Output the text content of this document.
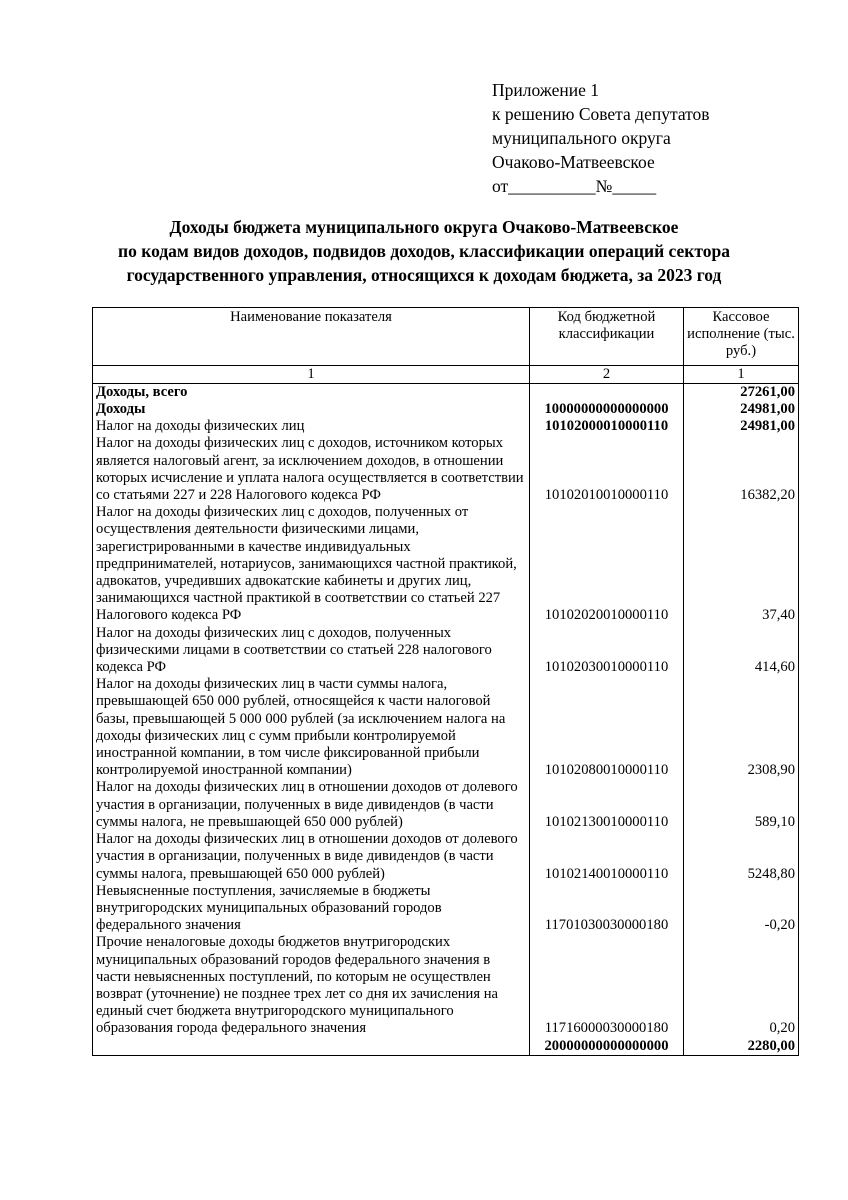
Приложение 1
к решению Совета депутатов
муниципального округа
Очаково-Матвеевское
от__________№_____
Доходы бюджета муниципального округа Очаково-Матвеевское
по кодам видов доходов, подвидов доходов, классификации операций сектора
государственного управления, относящихся к доходам бюджета, за 2023 год
Наименование показателя	Код бюджетной классификации	Кассовое исполнение (тыс. руб.)
1	2	1
Доходы, всего		27261,00
Доходы	10000000000000000	24981,00
Налог на доходы физических лиц	10102000010000110	24981,00
Налог на доходы физических лиц с доходов, источником которых является налоговый агент, за исключением доходов, в отношении которых исчисление и уплата налога осуществляется в соответствии со статьями 227 и 228 Налогового кодекса РФ	10102010010000110	16382,20
Налог на доходы физических лиц с доходов, полученных от осуществления деятельности физическими лицами, зарегистрированными в качестве индивидуальных предпринимателей, нотариусов, занимающихся частной практикой, адвокатов, учредивших адвокатские кабинеты и других лиц, занимающихся частной практикой в соответствии со статьей 227 Налогового кодекса РФ	10102020010000110	37,40
Налог на доходы физических лиц с доходов, полученных физическими лицами в соответствии со статьей 228 налогового кодекса РФ	10102030010000110	414,60
Налог на доходы физических лиц в части суммы налога, превышающей 650 000 рублей, относящейся к части налоговой базы, превышающей 5 000 000 рублей (за исключением налога на доходы физических лиц с сумм прибыли контролируемой иностранной компании, в том числе фиксированной прибыли контролируемой иностранной компании)	10102080010000110	2308,90
Налог на доходы физических лиц в отношении доходов от долевого участия в организации, полученных в виде дивидендов (в части суммы налога, не превышающей 650 000 рублей)	10102130010000110	589,10
Налог на доходы физических лиц в отношении доходов от долевого участия в организации, полученных в виде дивидендов (в части суммы налога, превышающей 650 000 рублей)	10102140010000110	5248,80
Невыясненные поступления, зачисляемые в бюджеты внутригородских муниципальных образований городов федерального значения	11701030030000180	-0,20
Прочие неналоговые доходы бюджетов внутригородских муниципальных образований городов федерального значения в части невыясненных поступлений, по которым не осуществлен возврат (уточнение) не позднее трех лет со дня их зачисления на единый счет бюджета внутригородского муниципального образования города федерального значения	11716000030000180	0,20
	20000000000000000	2280,00
